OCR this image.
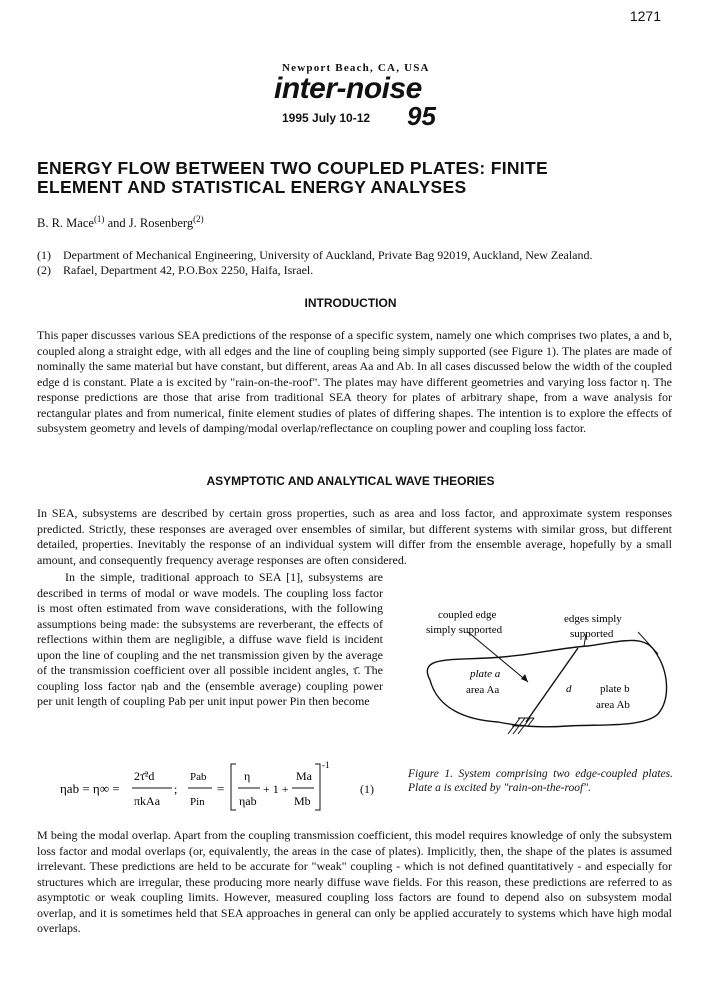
1271
Newport Beach, CA, USA
inter-noise
1995 July 10-12 95
ENERGY FLOW BETWEEN TWO COUPLED PLATES: FINITE
ELEMENT AND STATISTICAL ENERGY ANALYSES
B. R. Mace$^{(1)}$ and J. Rosenberg$^{(2)}$
(1) Department of Mechanical Engineering, University of Auckland, Private Bag 92019, Auckland, New Zealand.
(2) Rafael, Department 42, P.O.Box 2250, Haifa, Israel.
INTRODUCTION

This paper discusses various SEA predictions of the response of a specific system, namely one which comprises two plates, a and b, coupled along a straight edge, with all edges and the line of coupling being simply supported (see Figure 1). The plates are made of nominally the same material but have constant, but different, areas Aa and Ab. In all cases discussed below the width of the coupled edge d is constant. Plate a is excited by "rain-on-the-roof". The plates may have different geometries and varying loss factor η. The response predictions are those that arise from traditional SEA theory for plates of arbitrary shape, from a wave analysis for rectangular plates and from numerical, finite element studies of plates of differing shapes. The intention is to explore the effects of subsystem geometry and levels of damping/modal overlap/reflectance on coupling power and coupling loss factor.

ASYMPTOTIC AND ANALYTICAL WAVE THEORIES

In SEA, subsystems are described by certain gross properties, such as area and loss factor, and approximate system responses predicted. Strictly, these responses are averaged over ensembles of similar, but different systems with similar gross, but different detailed, properties. Inevitably the response of an individual system will differ from the ensemble average, hopefully by a small amount, and consequently frequency average responses are often considered.

In the simple, traditional approach to SEA [1], subsystems are described in terms of modal or wave models. The coupling loss factor is most often estimated from wave considerations, with the following assumptions being made: the subsystems are reverberant, the effects of reflections within them are negligible, a diffuse wave field is incident upon the line of coupling and the net transmission given by the average of the transmission coefficient over all possible incident angles, τ̄. The coupling loss factor ηab and the (ensemble average) coupling power per unit length of coupling Pab per unit input power Pin then become

coupled edge
simply supported
edges simply
supported
plate a
area Aa	d	plate b
area Ab
Figure 1. System comprising two edge-coupled plates. Plate a is excited by "rain-on-the-roof".
ηab = η∞ =
2τ̄²d
πkAa
;
Pab
Pin
=
η
ηab
+ 1 +
Ma
Mb
-1
(1)

M being the modal overlap. Apart from the coupling transmission coefficient, this model requires knowledge of only the subsystem loss factor and modal overlaps (or, equivalently, the areas in the case of plates). Implicitly, then, the shape of the plates is assumed irrelevant. These predictions are held to be accurate for "weak" coupling - which is not defined quantitatively - and especially for structures which are irregular, these producing more nearly diffuse wave fields. For this reason, these predictions are referred to as asymptotic or weak coupling limits. However, measured coupling loss factors are found to depend also on subsystem modal overlap, and it is sometimes held that SEA approaches in general can only be applied accurately to systems which have high modal overlaps.
